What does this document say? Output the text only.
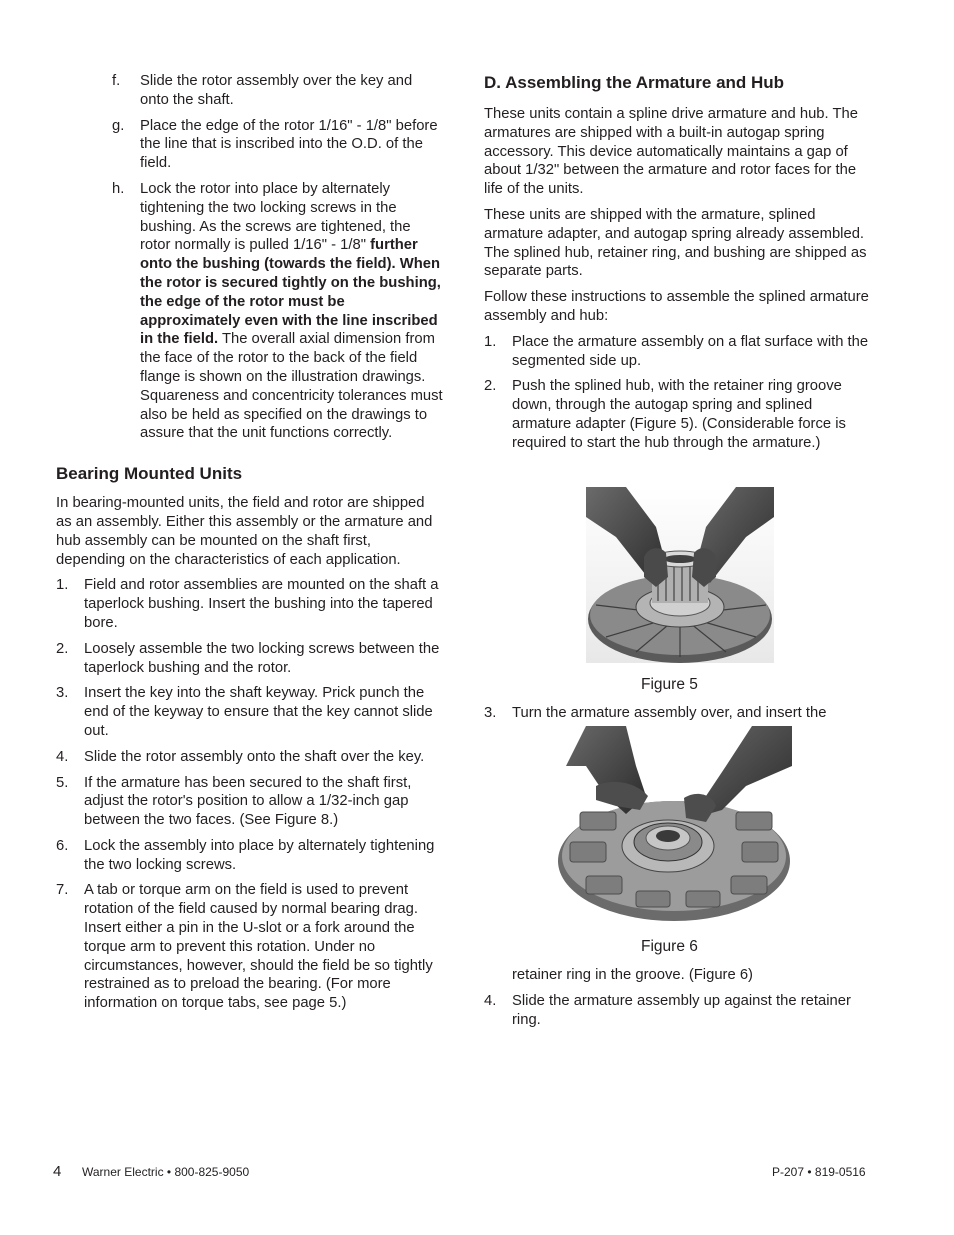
f. Slide the rotor assembly over the key and onto the shaft.
g. Place the edge of the rotor 1/16" - 1/8" before the line that is inscribed into the O.D. of the field.
h. Lock the rotor into place by alternately tightening the two locking screws in the bushing. As the screws are tightened, the rotor normally is pulled 1/16" - 1/8" further onto the bushing (towards the field). When the rotor is secured tightly on the bushing, the edge of the rotor must be approximately even with the line inscribed in the field. The overall axial dimension from the face of the rotor to the back of the field flange is shown on the illustration drawings. Squareness and concentricity tolerances must also be held as specified on the drawings to assure that the unit functions correctly.
Bearing Mounted Units

In bearing-mounted units, the field and rotor are shipped as an assembly. Either this assembly or the armature and hub assembly can be mounted on the shaft first, depending on the characteristics of each application.

1. Field and rotor assemblies are mounted on the shaft a taperlock bushing. Insert the bushing into the tapered bore.
2. Loosely assemble the two locking screws between the taperlock bushing and the rotor.
3. Insert the key into the shaft keyway. Prick punch the end of the keyway to ensure that the key cannot slide out.
4. Slide the rotor assembly onto the shaft over the key.
5. If the armature has been secured to the shaft first, adjust the rotor's position to allow a 1/32-inch gap between the two faces. (See Figure 8.)
6. Lock the assembly into place by alternately tightening the two locking screws.
7. A tab or torque arm on the field is used to prevent rotation of the field caused by normal bearing drag. Insert either a pin in the U-slot or a fork around the torque arm to prevent this rotation. Under no circumstances, however, should the field be so tightly restrained as to preload the bearing. (For more information on torque tabs, see page 5.)
D. Assembling the Armature and Hub

These units contain a spline drive armature and hub. The armatures are shipped with a built-in autogap spring accessory. This device automatically maintains a gap of about 1/32" between the armature and rotor faces for the life of the units.

These units are shipped with the armature, splined armature adapter, and autogap spring already assembled. The splined hub, retainer ring, and bushing are shipped as separate parts.

Follow these instructions to assemble the splined armature assembly and hub:

1. Place the armature assembly on a flat surface with the segmented side up.
2. Push the splined hub, with the retainer ring groove down, through the autogap spring and splined armature adapter (Figure 5). (Considerable force is required to start the hub through the armature.)
Figure 5
3. Turn the armature assembly over, and insert the
Figure 6
retainer ring in the groove. (Figure 6)
4. Slide the armature assembly up against the retainer ring.
4 Warner Electric • 800-825-9050	P-207 • 819-0516
